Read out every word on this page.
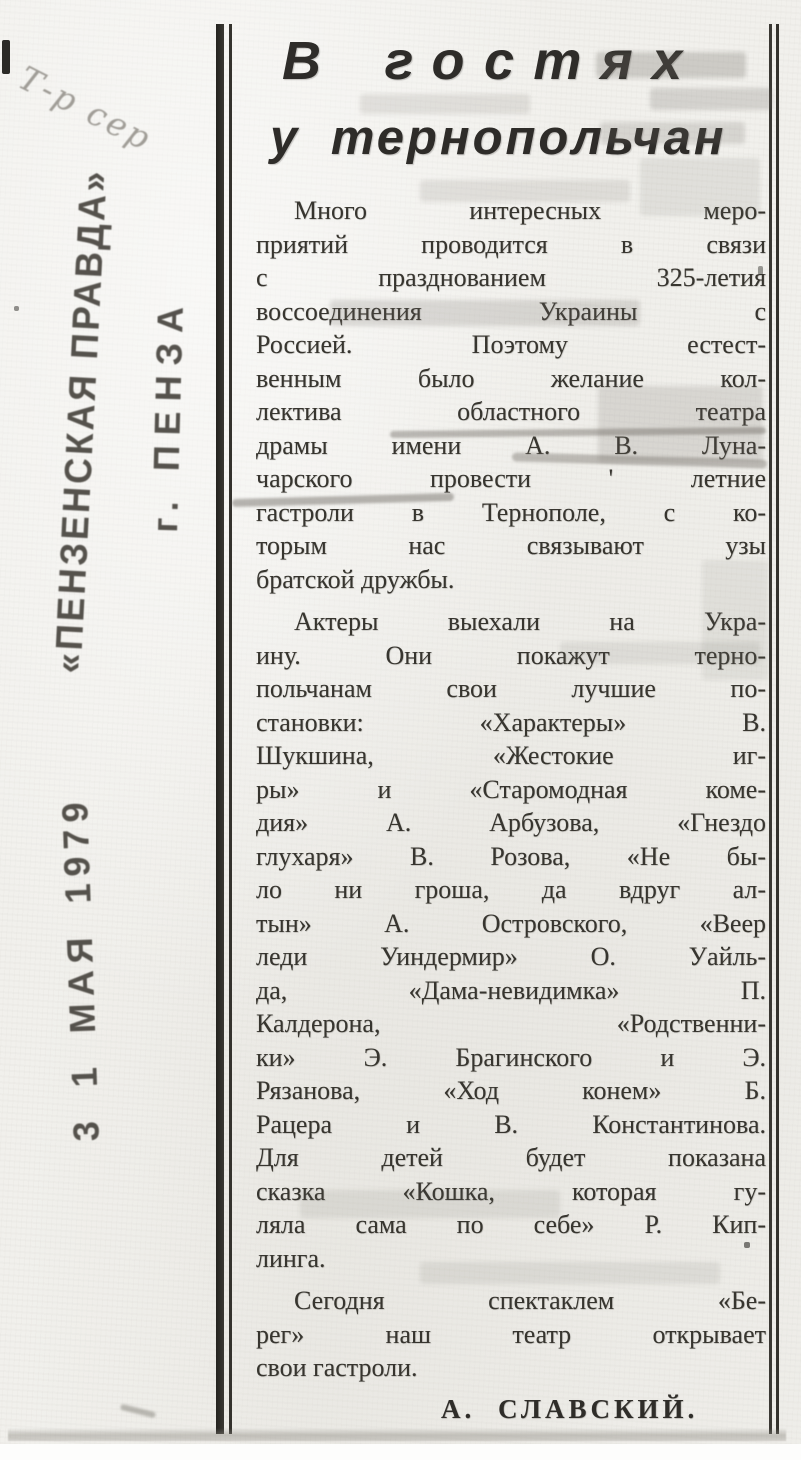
Т-р сер
«ПЕНЗЕНСКАЯ ПРАВДА» г. ПЕНЗА
3 1 МАЯ 1979
В гостях
у тернопольчан
Много интересных меро-
приятий проводится в связи
с празднованием 325-летия
воссоединения Украины с
Россией. Поэтому естест-
венным было желание кол-
лектива областного театра
драмы имени А. В. Луна-
чарского провести ' летние
гастроли в Тернополе, с ко-
торым нас связывают узы
братской дружбы.
Актеры выехали на Укра-
ину. Они покажут терно-
польчанам свои лучшие по-
становки: «Характеры» В.
Шукшина, «Жестокие иг-
ры» и «Старомодная коме-
дия» А. Арбузова, «Гнездо
глухаря» В. Розова, «Не бы-
ло ни гроша, да вдруг ал-
тын» А. Островского, «Веер
леди Уиндермир» О. Уайль-
да, «Дама-невидимка» П.
Калдерона, «Родственни-
ки» Э. Брагинского и Э.
Рязанова, «Ход конем» Б.
Рацера и В. Константинова.
Для детей будет показана
сказка «Кошка, которая гу-
ляла сама по себе» Р. Кип-
линга.
Сегодня спектаклем «Бе-
рег» наш театр открывает
свои гастроли.
А. СЛАВСКИЙ.
